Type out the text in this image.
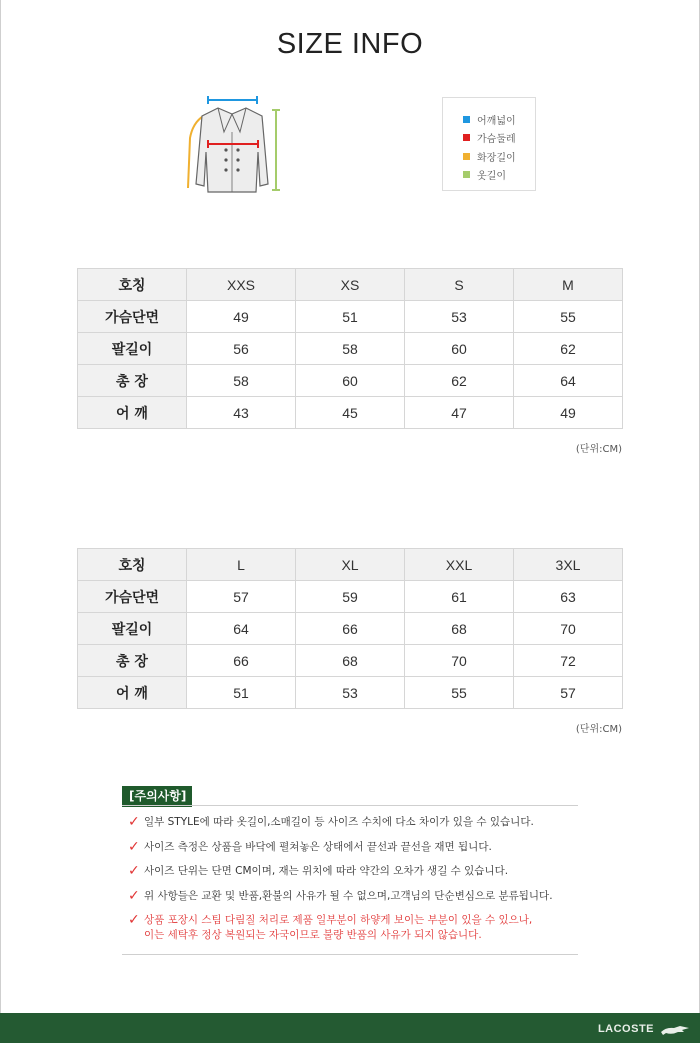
SIZE INFO
어깨넓이
가슴둘레
화장길이
옷길이
호칭	XXS	XS	S	M
가슴단면	49	51	53	55
팔길이	56	58	60	62
총 장	58	60	62	64
어 깨	43	45	47	49
(단위:CM)
호칭	L	XL	XXL	3XL
가슴단면	57	59	61	63
팔길이	64	66	68	70
총 장	66	68	70	72
어 깨	51	53	55	57
(단위:CM)
[주의사항]
✓ 일부 STYLE에 따라 옷길이,소매길이 등 사이즈 수치에 다소 차이가 있을 수 있습니다.
✓ 사이즈 측정은 상품을 바닥에 펼쳐놓은 상태에서 끝선과 끝선을 재면 됩니다.
✓ 사이즈 단위는 단면 CM이며, 재는 위치에 따라 약간의 오차가 생길 수 있습니다.
✓ 위 사항들은 교환 및 반품,환불의 사유가 될 수 없으며,고객님의 단순변심으로 분류됩니다.
✓ 상품 포장시 스팀 다림질 처리로 제품 일부분이 하얗게 보이는 부분이 있을 수 있으나,
이는 세탁후 정상 복원되는 자국이므로 불량 반품의 사유가 되지 않습니다.
LACOSTE
